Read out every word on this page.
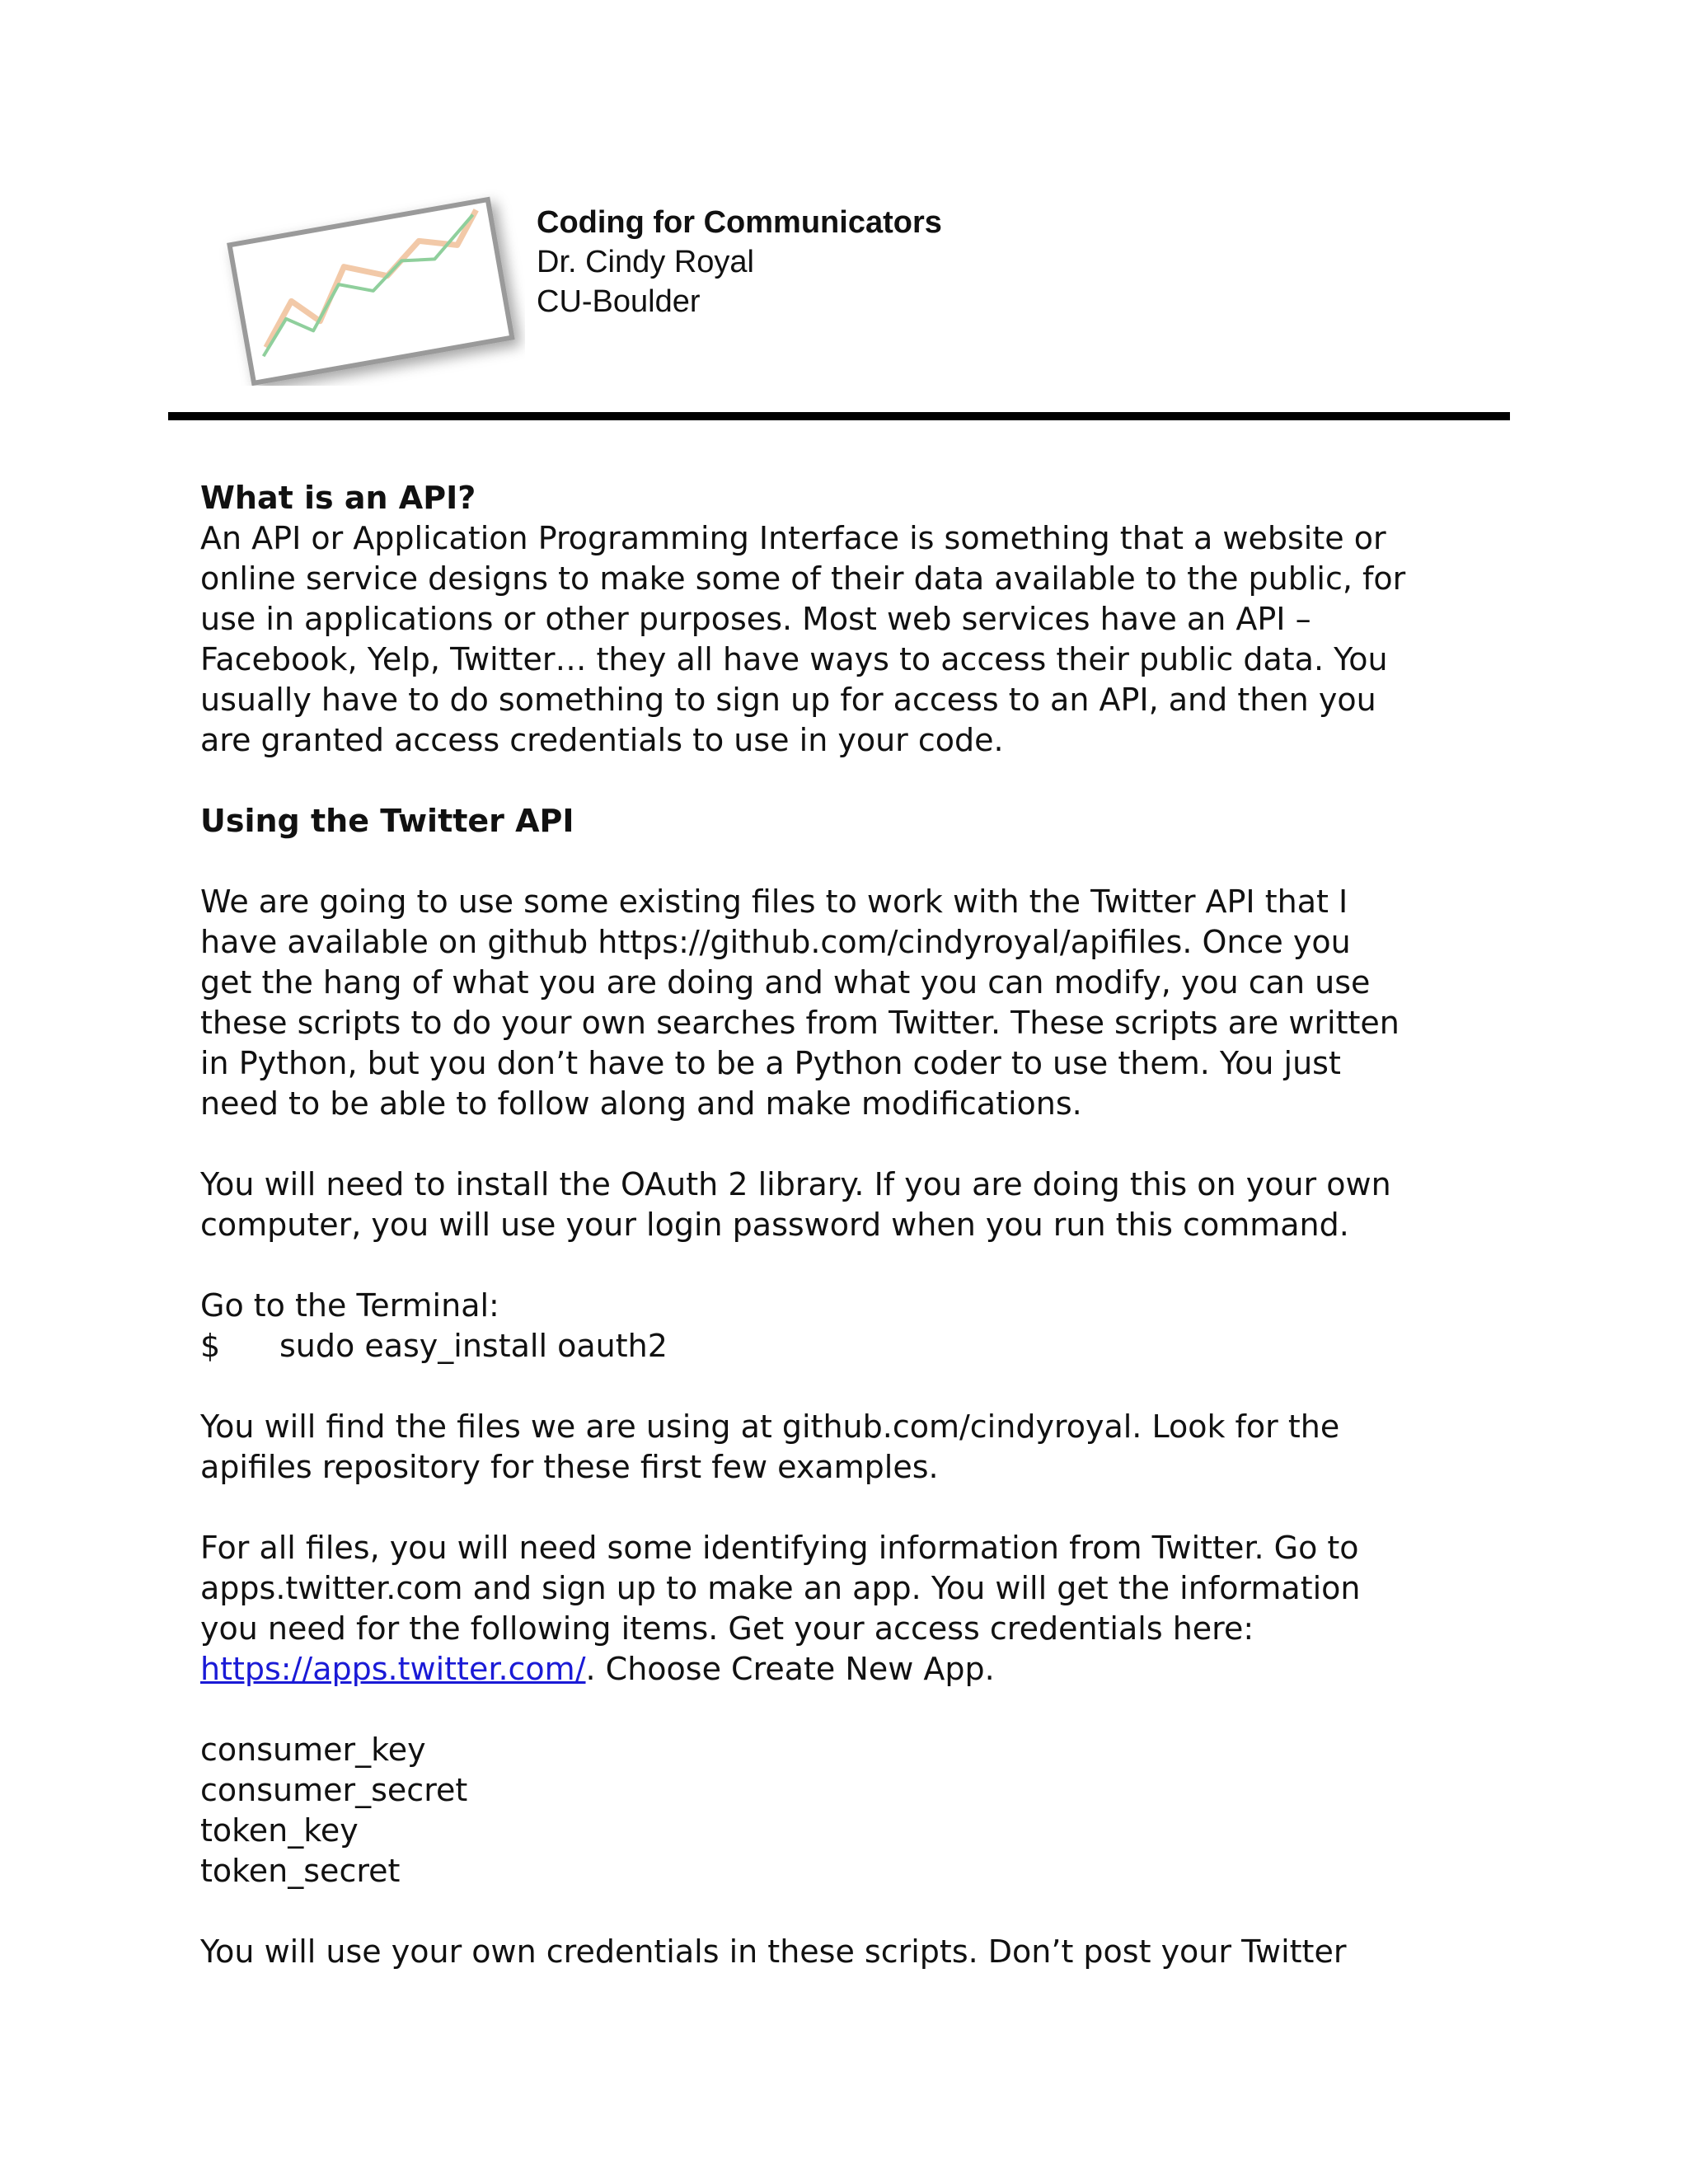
Coding for Communicators
Dr. Cindy Royal
CU-Boulder

What is an API?

An API or Application Programming Interface is something that a website or

online service designs to make some of their data available to the public, for

use in applications or other purposes. Most web services have an API –

Facebook, Yelp, Twitter… they all have ways to access their public data. You

usually have to do something to sign up for access to an API, and then you

are granted access credentials to use in your code.

Using the Twitter API

We are going to use some existing files to work with the Twitter API that I

have available on github https://github.com/cindyroyal/apifiles. Once you

get the hang of what you are doing and what you can modify, you can use

these scripts to do your own searches from Twitter. These scripts are written

in Python, but you don’t have to be a Python coder to use them. You just

need to be able to follow along and make modifications.

You will need to install the OAuth 2 library. If you are doing this on your own

computer, you will use your login password when you run this command.

Go to the Terminal:

$	sudo easy_install oauth2

You will find the files we are using at github.com/cindyroyal. Look for the

apifiles repository for these first few examples.

For all files, you will need some identifying information from Twitter. Go to

apps.twitter.com and sign up to make an app. You will get the information

you need for the following items. Get your access credentials here:

https://apps.twitter.com/. Choose Create New App.

consumer_key

consumer_secret

token_key

token_secret

You will use your own credentials in these scripts. Don’t post your Twitter
